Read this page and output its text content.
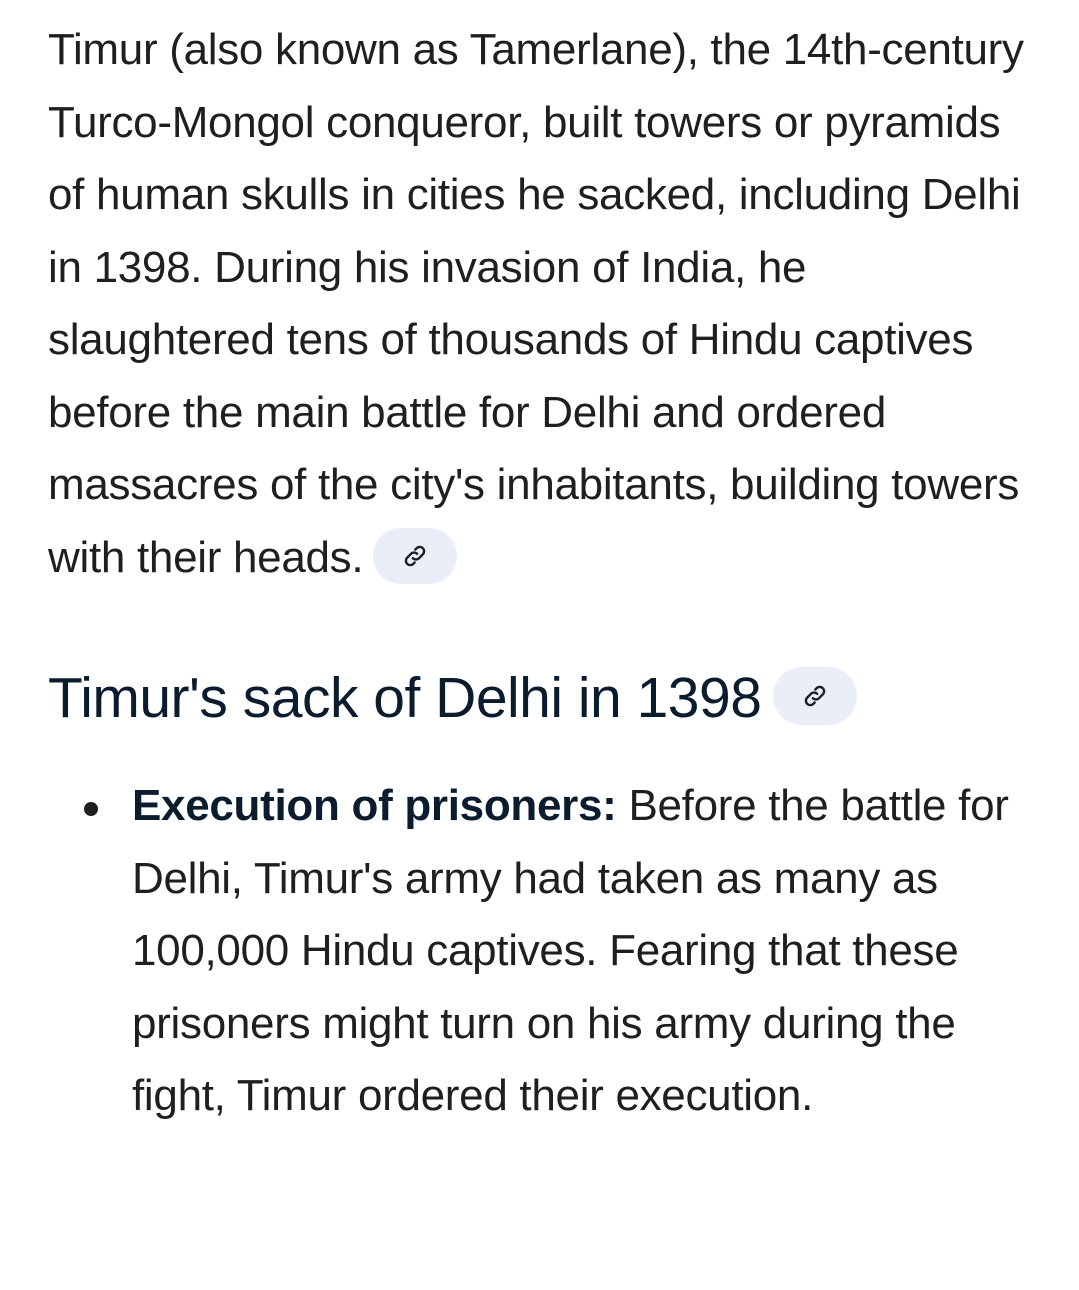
Timur (also known as Tamerlane), the 14th-century Turco-Mongol conqueror, built towers or pyramids of human skulls in cities he sacked, including Delhi in 1398. During his invasion of India, he slaughtered tens of thousands of Hindu captives before the main battle for Delhi and ordered massacres of the city's inhabitants, building towers with their heads.

Timur's sack of Delhi in 1398
Execution of prisoners: Before the battle for Delhi, Timur's army had taken as many as 100,000 Hindu captives. Fearing that these prisoners might turn on his army during the fight, Timur ordered their execution.
